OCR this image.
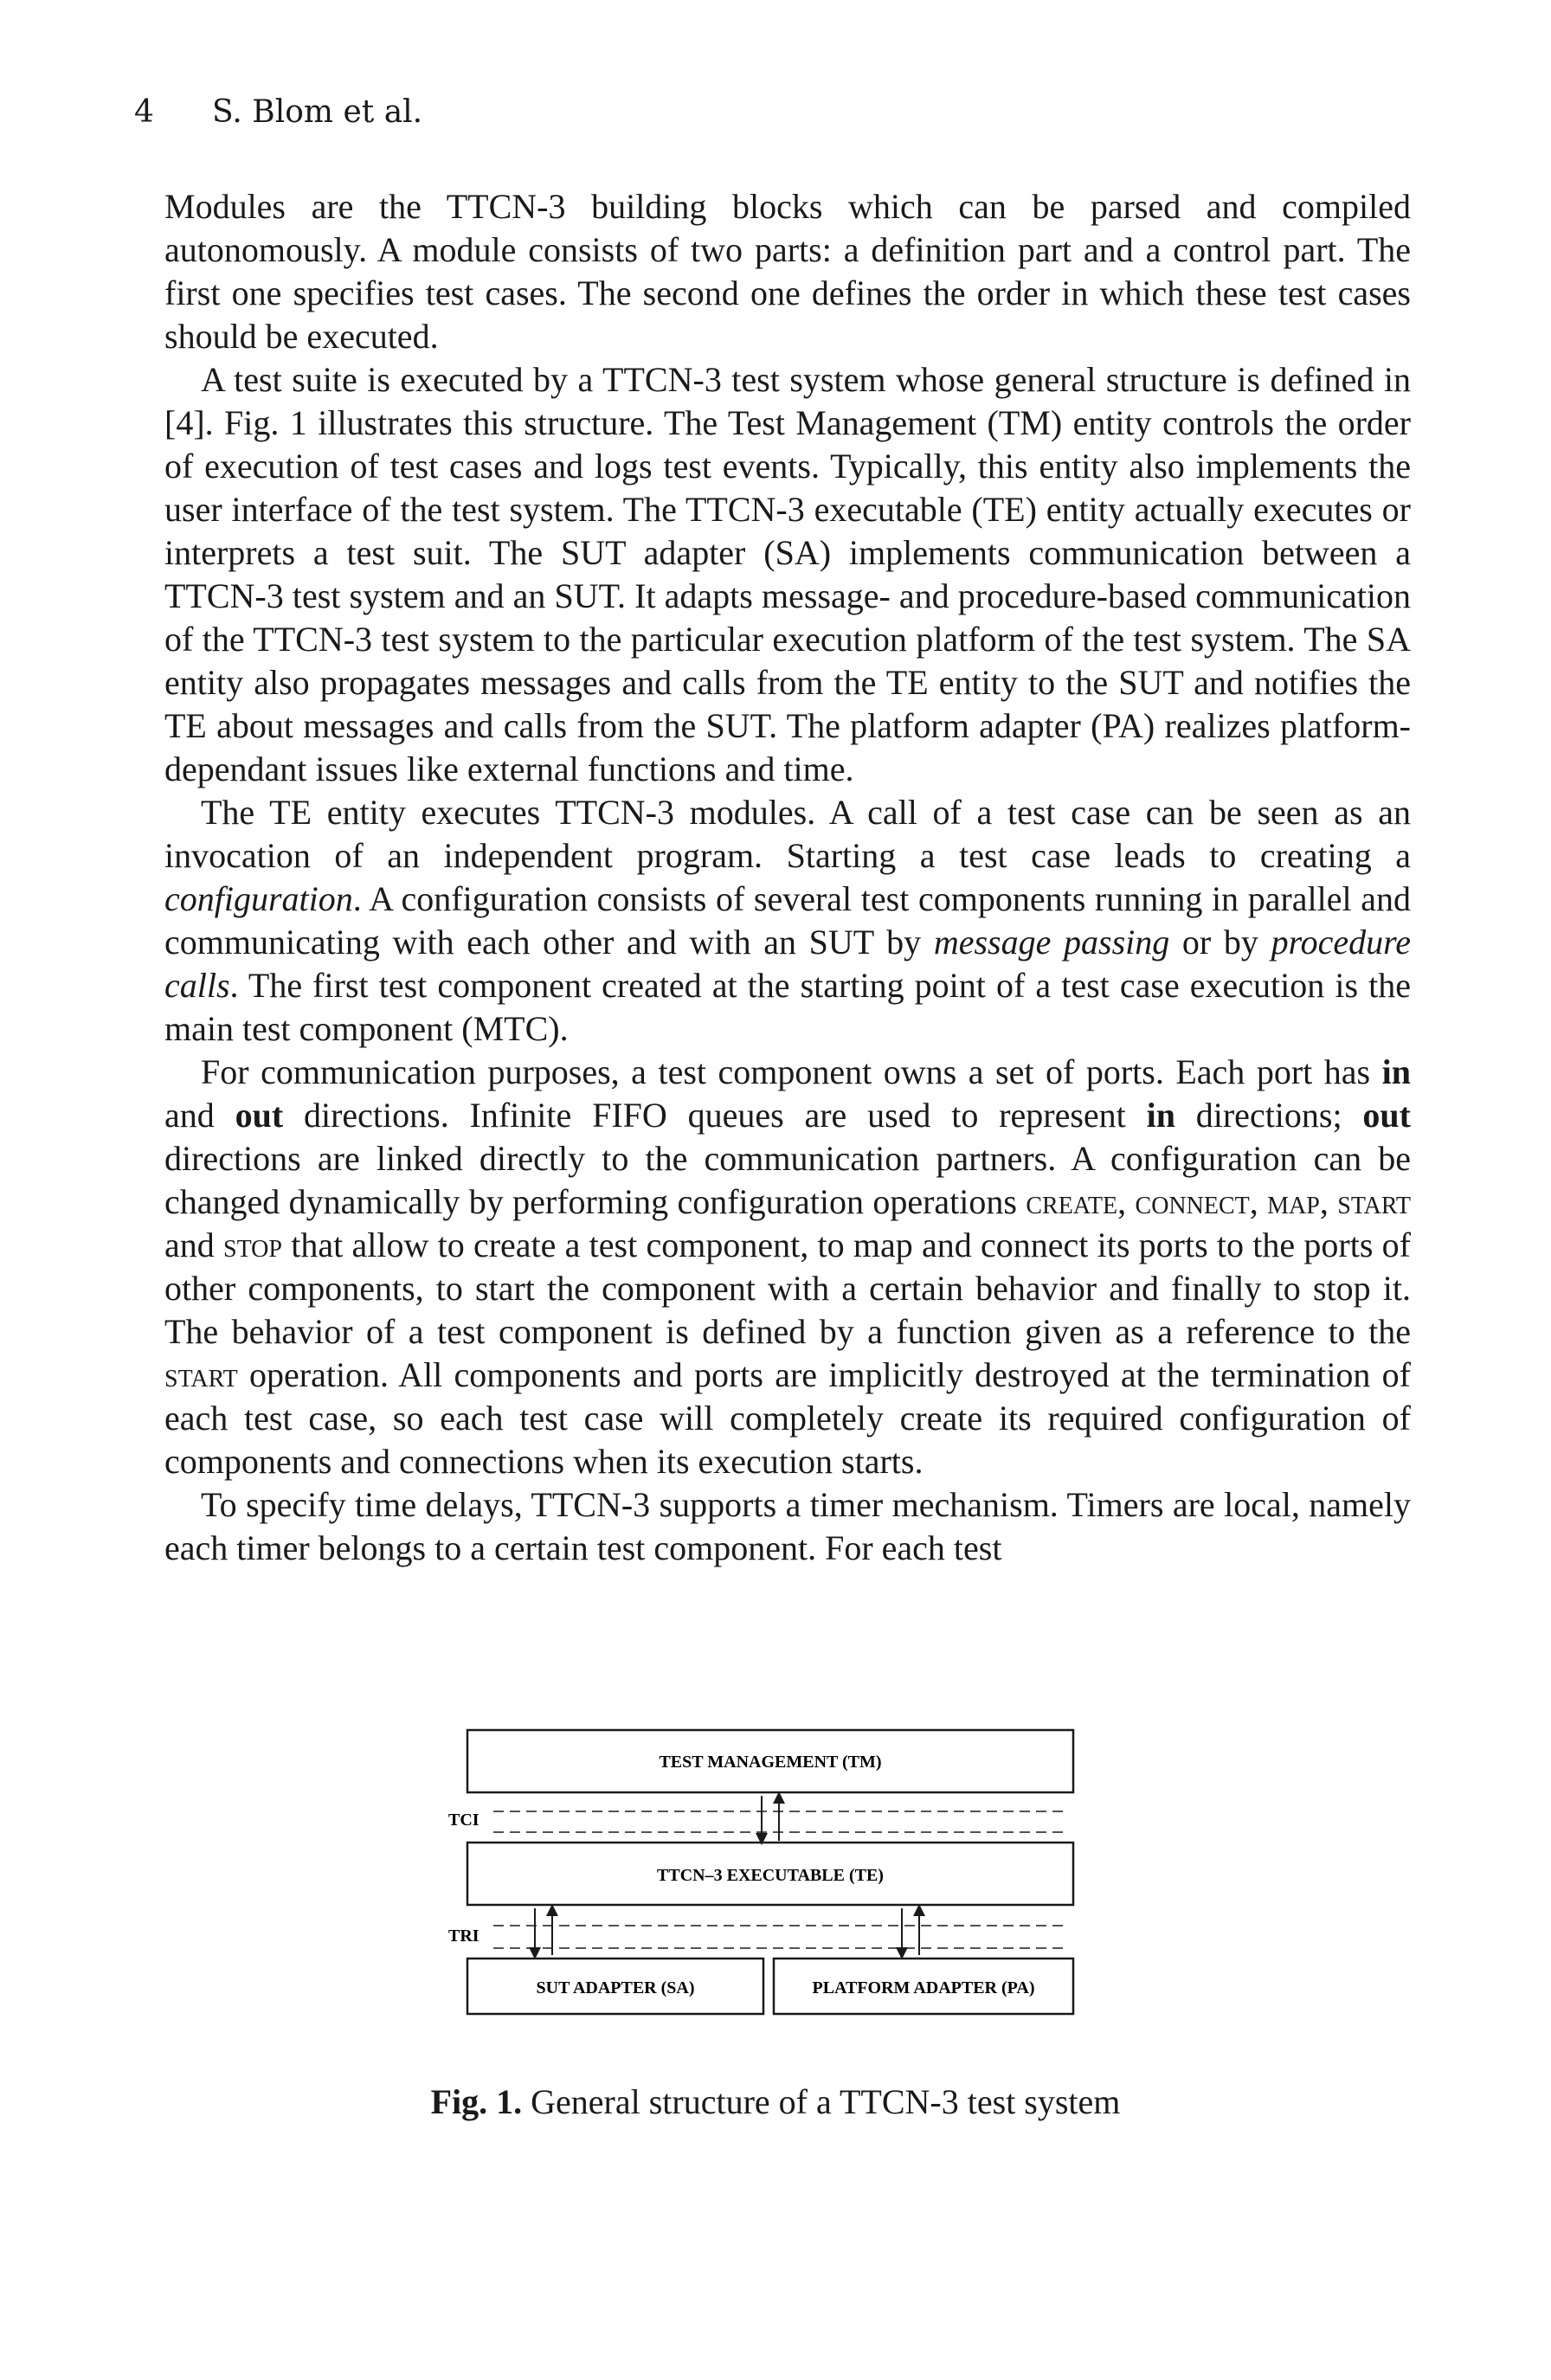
4 S. Blom et al.

Modules are the TTCN-3 building blocks which can be parsed and compiled autonomously. A module consists of two parts: a definition part and a control part. The first one specifies test cases. The second one defines the order in which these test cases should be executed.

A test suite is executed by a TTCN-3 test system whose general structure is defined in [4]. Fig. 1 illustrates this structure. The Test Management (TM) entity controls the order of execution of test cases and logs test events. Typically, this entity also implements the user interface of the test system. The TTCN-3 executable (TE) entity actually executes or interprets a test suit. The SUT adapter (SA) implements communication between a TTCN-3 test system and an SUT. It adapts message- and procedure-based communication of the TTCN-3 test system to the particular execution platform of the test system. The SA entity also propagates messages and calls from the TE entity to the SUT and notifies the TE about messages and calls from the SUT. The platform adapter (PA) realizes platform-dependant issues like external functions and time.

The TE entity executes TTCN-3 modules. A call of a test case can be seen as an invocation of an independent program. Starting a test case leads to creating a configuration. A configuration consists of several test components running in parallel and communicating with each other and with an SUT by message passing or by procedure calls. The first test component created at the starting point of a test case execution is the main test component (MTC).

For communication purposes, a test component owns a set of ports. Each port has in and out directions. Infinite FIFO queues are used to represent in directions; out directions are linked directly to the communication partners. A configuration can be changed dynamically by performing configuration operations create, connect, map, start and stop that allow to create a test component, to map and connect its ports to the ports of other components, to start the component with a certain behavior and finally to stop it. The behavior of a test component is defined by a function given as a reference to the start operation. All components and ports are implicitly destroyed at the termination of each test case, so each test case will completely create its required configuration of components and connections when its execution starts.

To specify time delays, TTCN-3 supports a timer mechanism. Timers are local, namely each timer belongs to a certain test component. For each test

TEST MANAGEMENT (TM)
TCI
TTCN–3 EXECUTABLE (TE)
TRI
SUT ADAPTER (SA)	PLATFORM ADAPTER (PA)
Fig. 1. General structure of a TTCN-3 test system
